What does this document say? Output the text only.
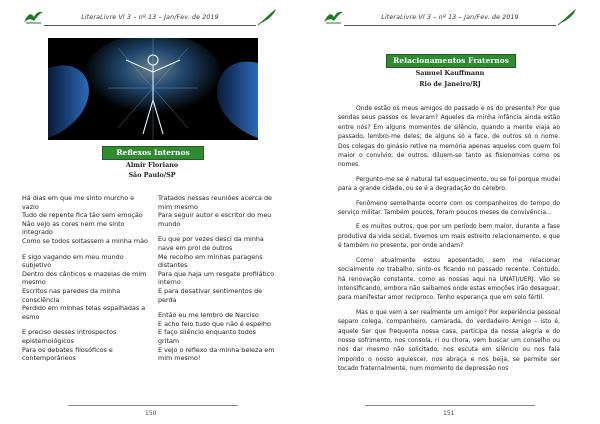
LiteraLivre Vl 3 – nº 13 – Jan/Fev. de 2019
Reflexos Internos
Almir Floriano
São Paulo/SP
Há dias em que me sinto murcho e vazio
Tudo de repente fica tão sem emoção
Não vejo as cores nem me sinto integrado
Como se todos soltassem a minha mão
E sigo vagando em meu mundo subjetivo
Dentro dos cânticos e mazelas de mim mesmo
Escritos nas paredes da minha consciência
Perdido em minhas telas espalhadas a esmo
E preciso desses introspectos epistemológicos
Para os debates filosóficos e contemporâneos
Tratados nessas reuniões acerca de mim mesmo
Para seguir autor e escritor do meu mundo
Eu que por vezes desci da minha nave em prol de outros
Me recolho em minhas paragens distantes
Para que haja um resgate profilático interno
E para desativar sentimentos de perda
Então eu me lembro de Narciso
E acho feio tudo que não é espelho
E faço silêncio enquanto todos gritam
E vejo o reflexo da minha beleza em mim mesmo!
150
LiteraLivre Vl 3 – nº 13 – Jan/Fev. de 2019
Relacionamentos Fraternos
Samuel Kauffmann
Rio de Janeiro/RJ

Onde estão os meus amigos do passado e os do presente? Por que sendas seus passos os levaram? Aqueles da minha infância ainda estão entre nós? Em alguns momentos de silêncio, quando a mente viaja ao passado, lembro-me deles; de alguns só a face, de outros só o nome. Dos colegas do ginásio retive na memória apenas aqueles com quem foi maior o convívio; de outros, diluem-se tanto as fisionomias como os nomes.

Pergunto-me se é natural tal esquecimento, ou se foi porque mudei para a grande cidade, ou se é a degradação do cérebro.

Fenômeno semelhante ocorre com os companheiros do tempo do serviço militar. Também poucos, foram poucos meses de convivência...

E os muitos outros, que por um período bem maior, durante a fase produtiva da vida social, tivemos um mais estreito relacionamento, e que é também no presente, por onde andam?

Como atualmente estou aposentado, sem me relacionar socialmente no trabalho, sinto-os ficando no passado recente. Contudo, há renovação constante, como as nossas aqui na UNATI/UERJ. Vão se intensificando, embora não saibamos onde estas emoções irão desaguar, para manifestar amor recíproco. Tenho esperança que em solo fértil.

Mas o que vem a ser realmente um amigo? Por experiência pessoal separo colega, companheiro, camarada, do verdadeiro Amigo – isto é, aquele Ser que frequenta nossa casa, participa da nossa alegria e do nosso sofrimento, nos consola, ri ou chora, vem buscar um conselho ou nos dar mesmo não solicitado, nos escuta em silêncio ou nos fala impondo o nosso aquiescer, nos abraça e nos beija, se permite ser tocado fraternalmente, num momento de depressão nos

151
